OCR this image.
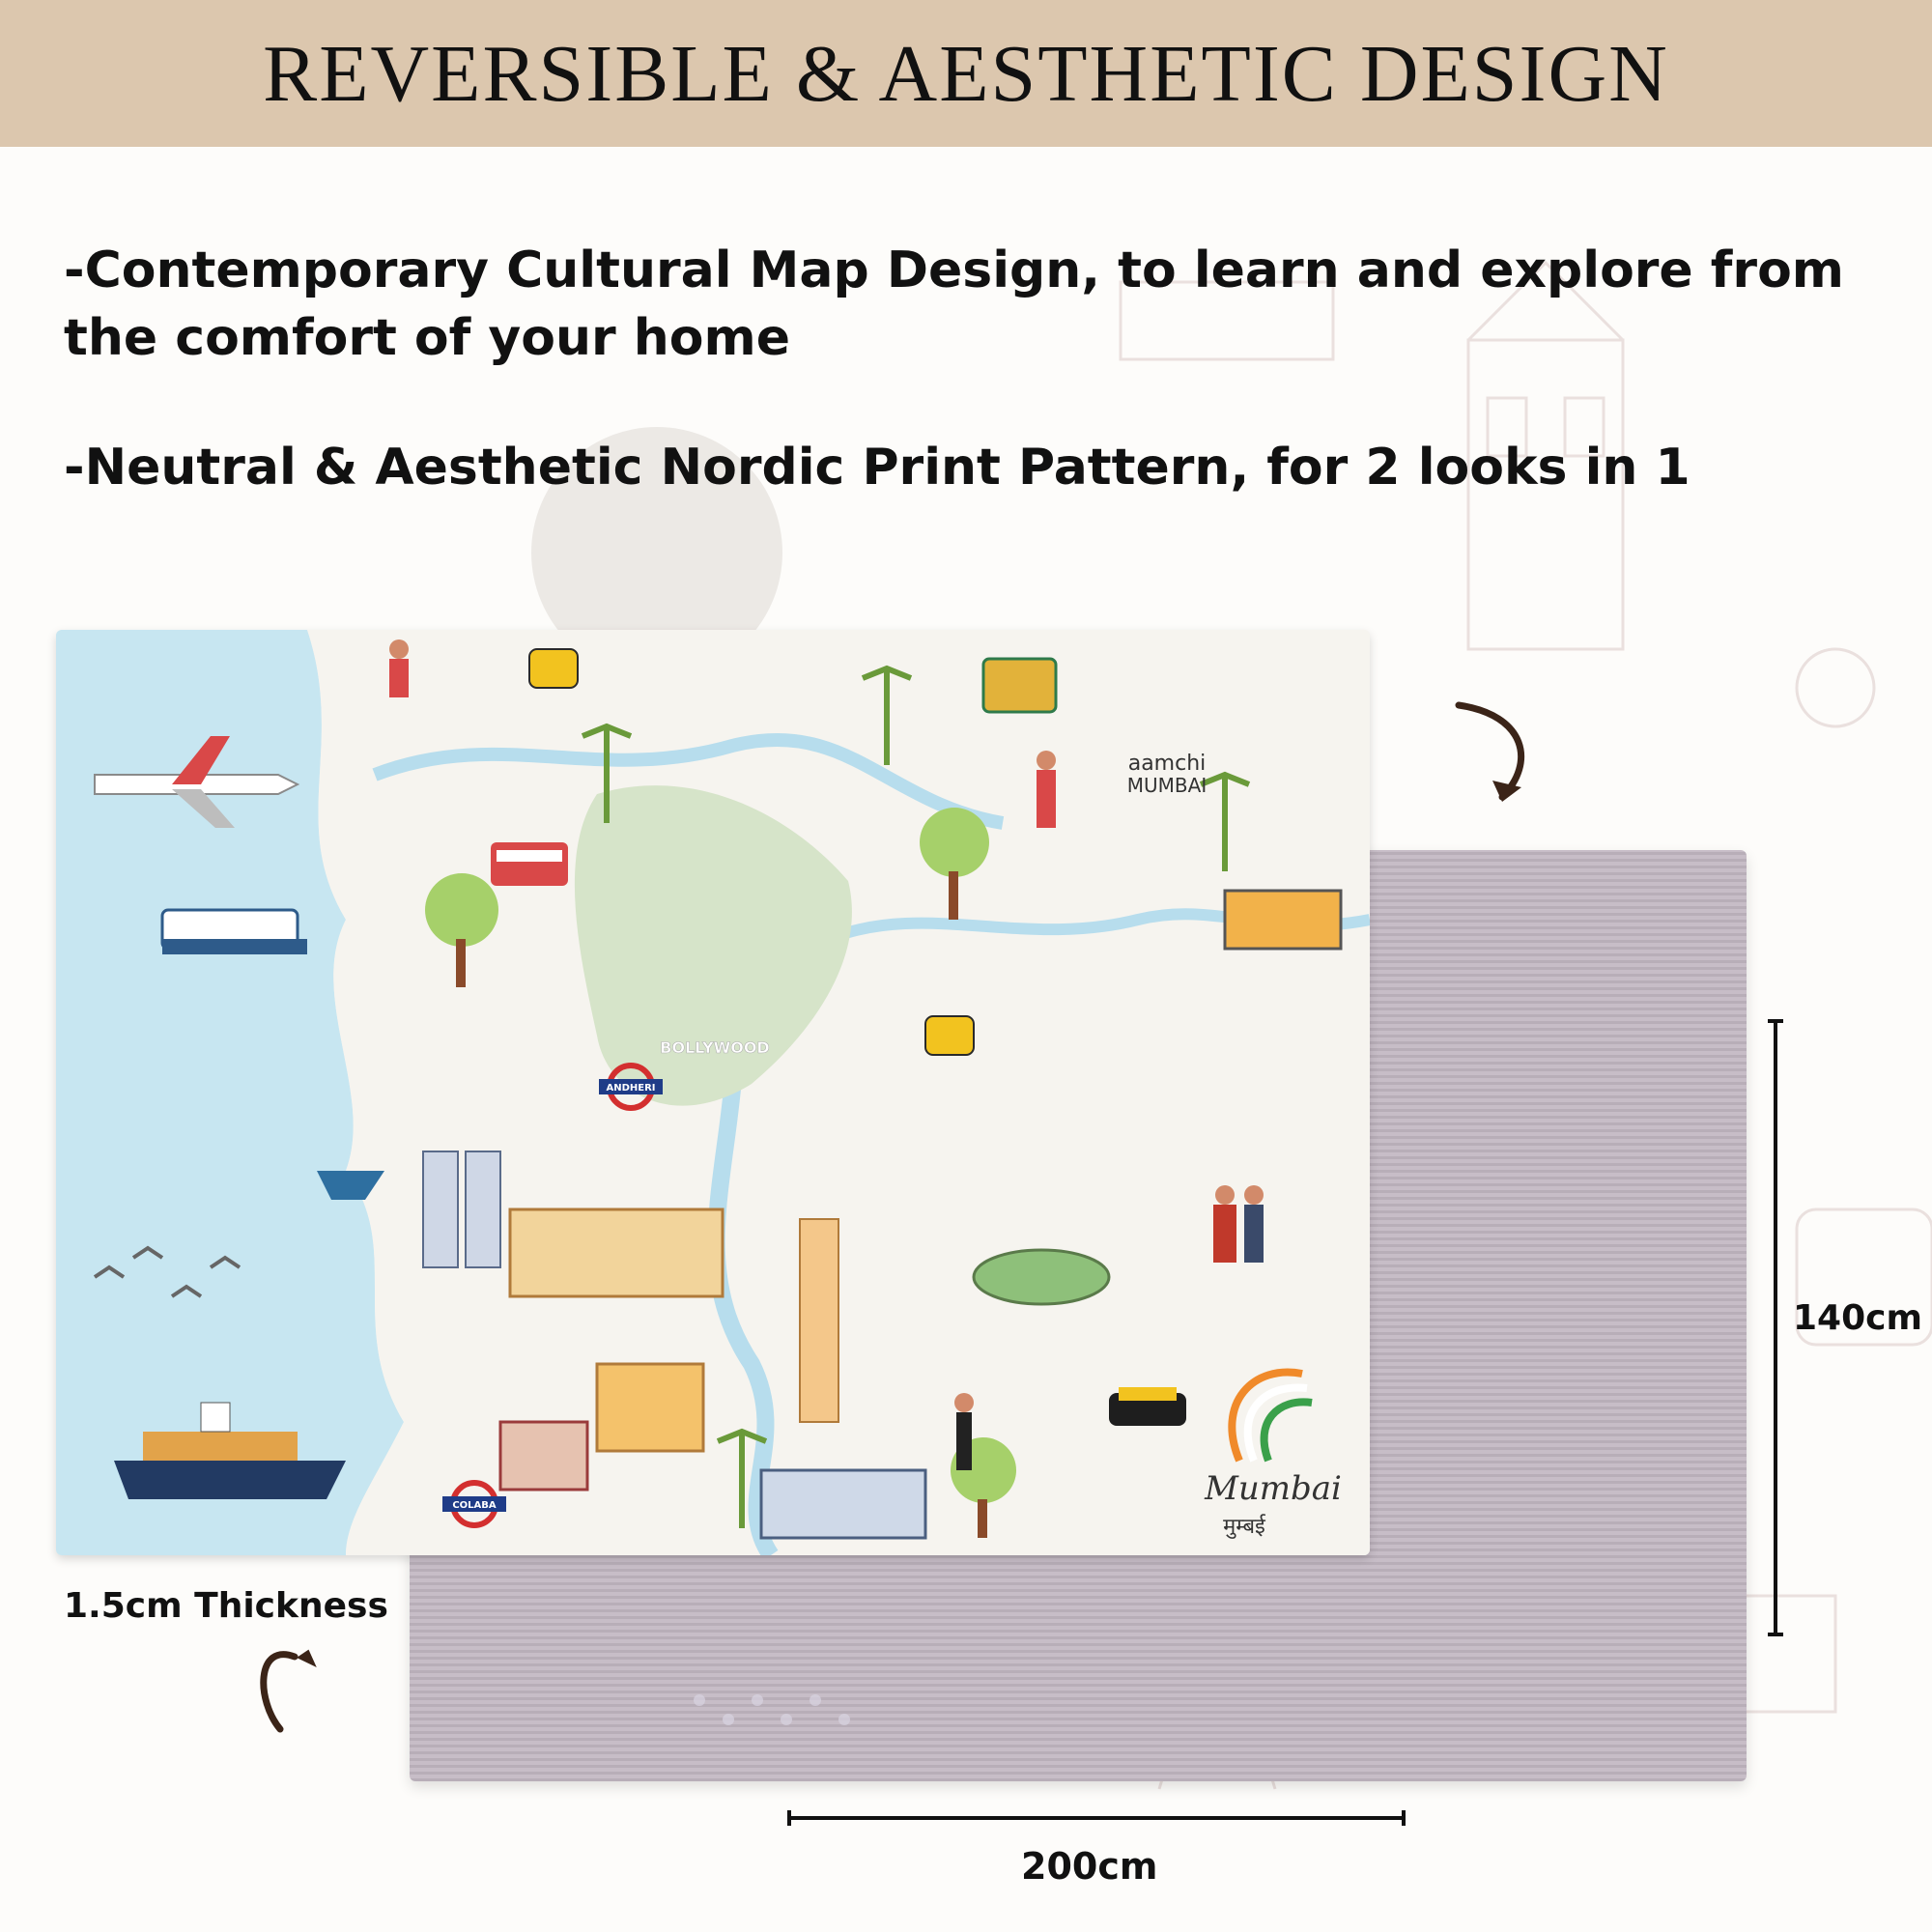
REVERSIBLE & AESTHETIC DESIGN

-Contemporary Cultural Map Design, to learn and explore from the comfort of your home

-Neutral & Aesthetic Nordic Print Pattern, for 2 looks in 1

ANDHERI
COLABA
BOLLYWOOD
aamchi
MUMBAI
Mumbai
मुम्बई
1.5cm Thickness
140cm
200cm
